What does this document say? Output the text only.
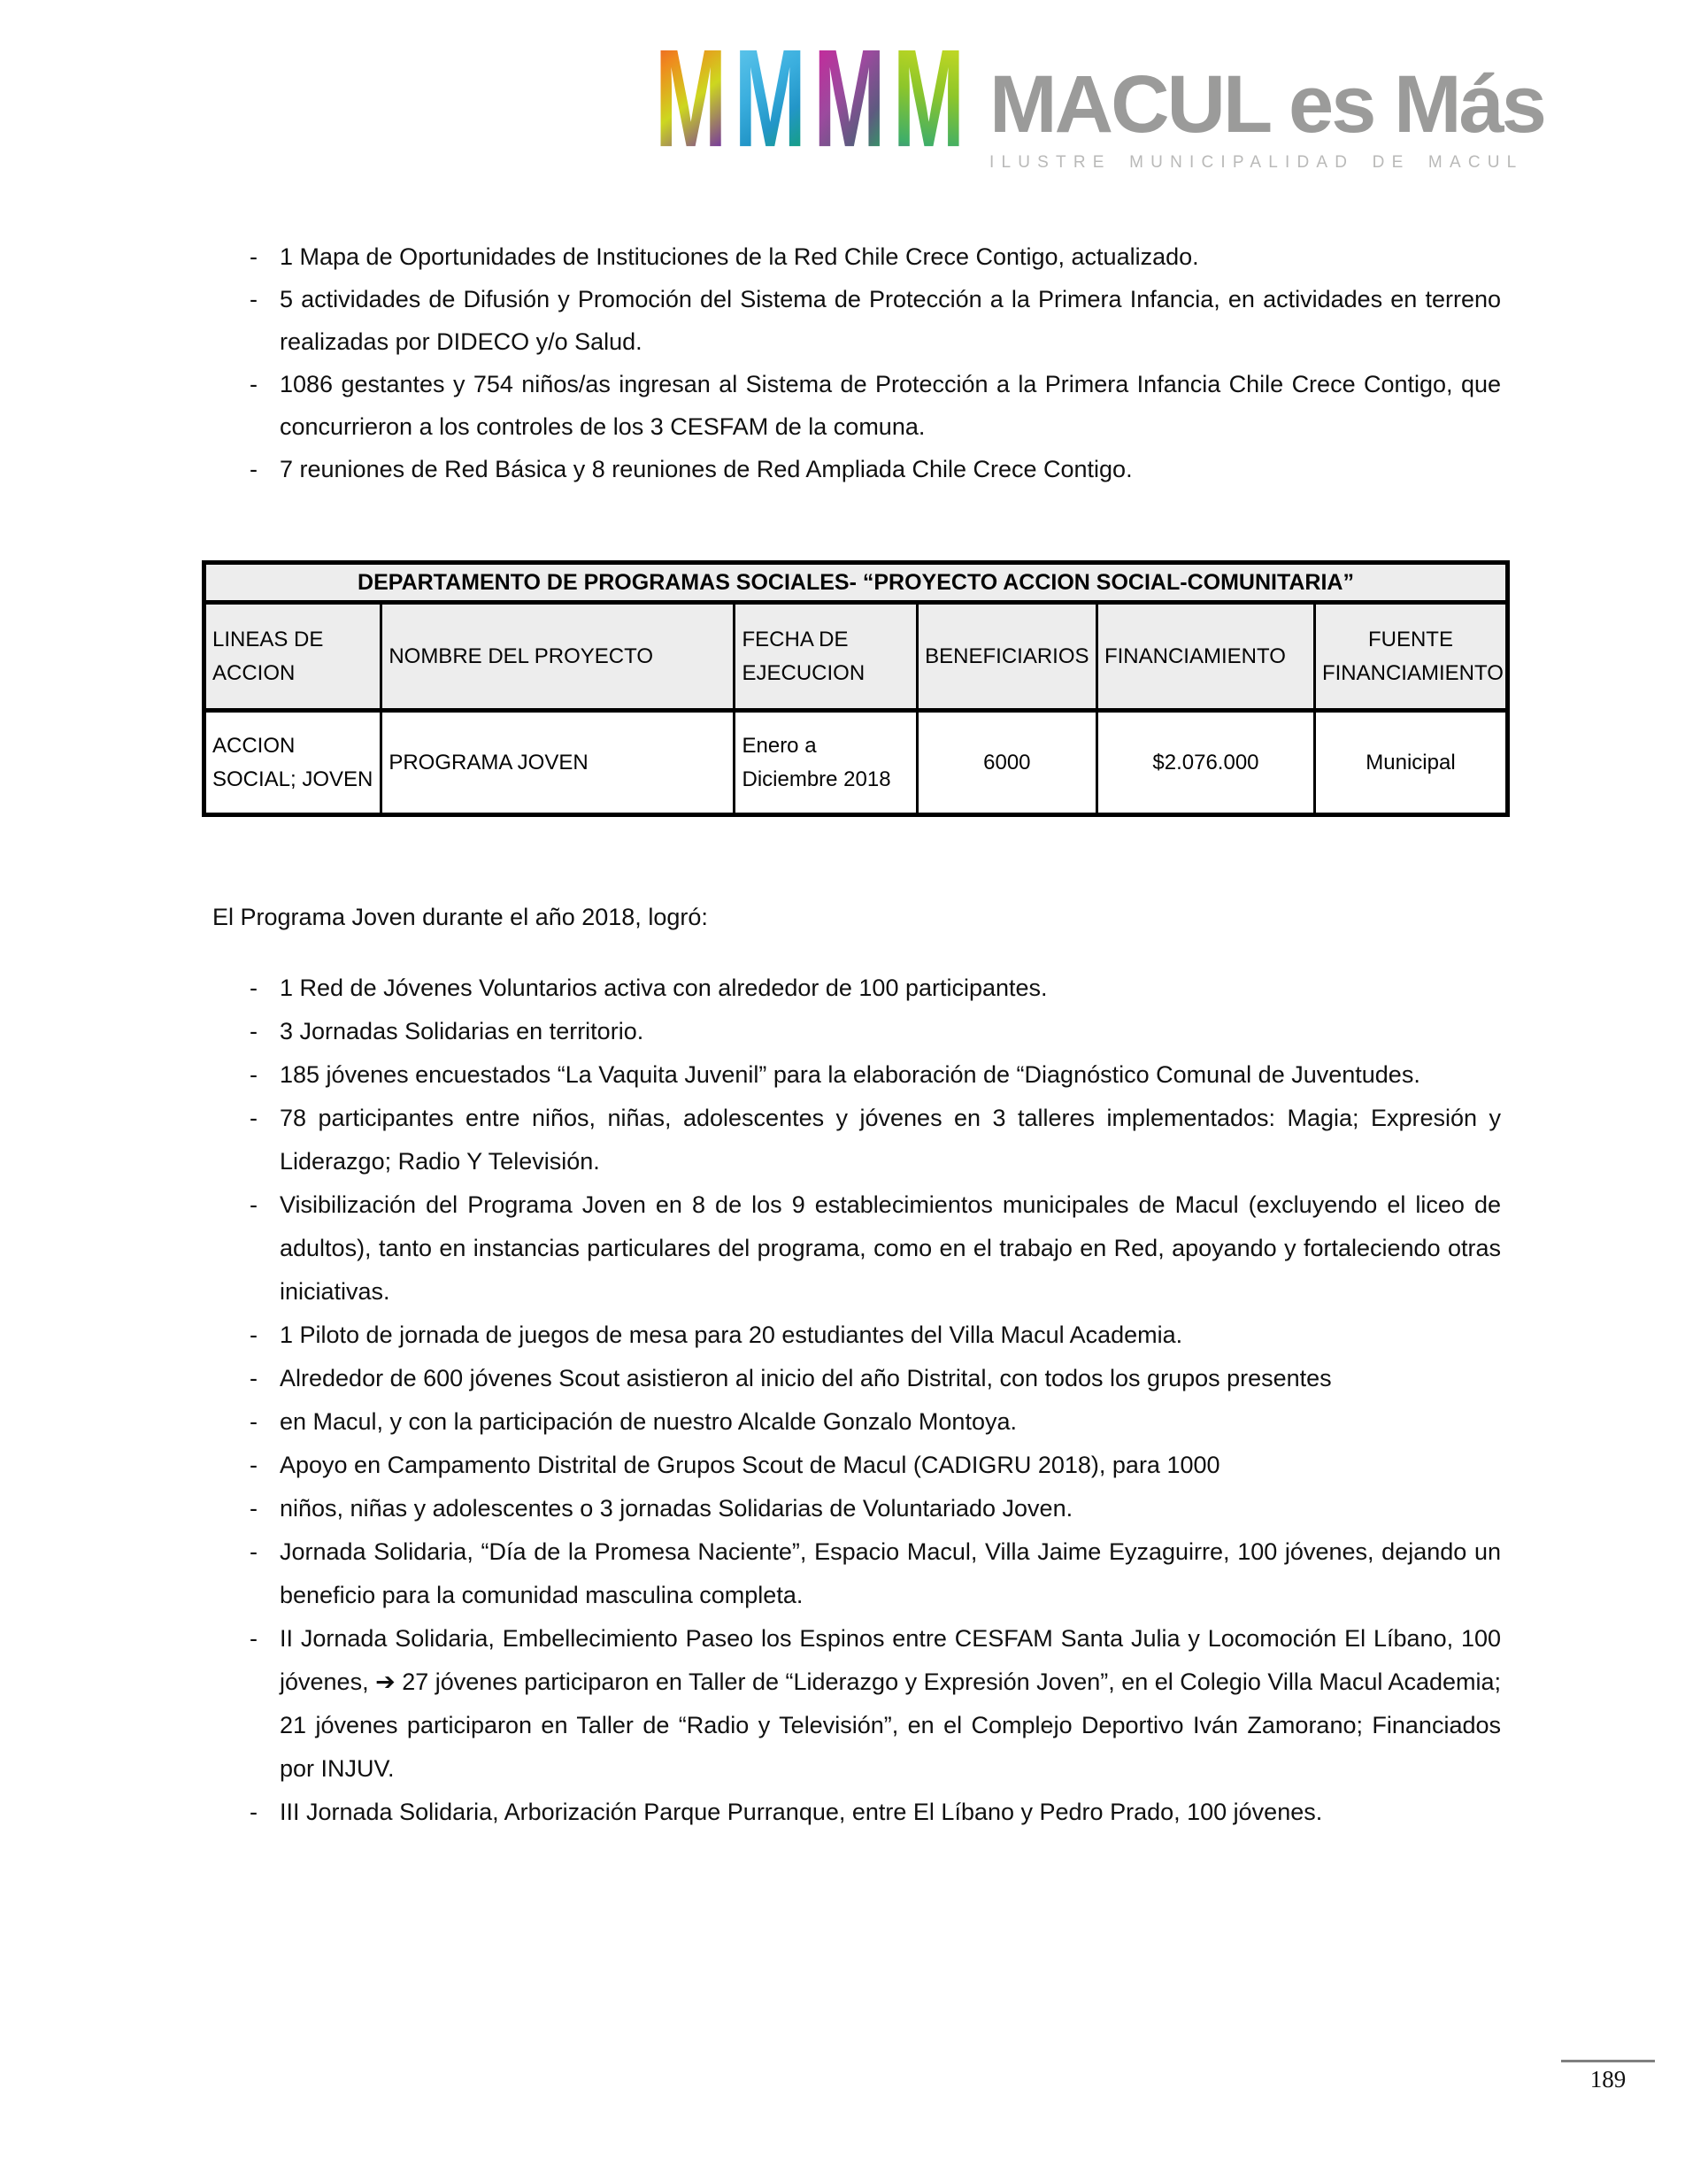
M M M M MACUL es Más
ILUSTRE MUNICIPALIDAD DE MACUL
- 1 Mapa de Oportunidades de Instituciones de la Red Chile Crece Contigo, actualizado.
- 5 actividades de Difusión y Promoción del Sistema de Protección a la Primera Infancia, en actividades en terreno realizadas por DIDECO y/o Salud.
- 1086 gestantes y 754 niños/as ingresan al Sistema de Protección a la Primera Infancia Chile Crece Contigo, que concurrieron a los controles de los 3 CESFAM de la comuna.
- 7 reuniones de Red Básica y 8 reuniones de Red Ampliada Chile Crece Contigo.
DEPARTAMENTO DE PROGRAMAS SOCIALES- “PROYECTO ACCION SOCIAL-COMUNITARIA”					
LINEAS DE ACCION	NOMBRE DEL PROYECTO	FECHA DE EJECUCION	BENEFICIARIOS	FINANCIAMIENTO	FUENTE FINANCIAMIENTO
ACCION SOCIAL; JOVEN	PROGRAMA JOVEN	Enero a Diciembre 2018	6000	$2.076.000	Municipal
El Programa Joven durante el año 2018, logró:
- 1 Red de Jóvenes Voluntarios activa con alrededor de 100 participantes.
- 3 Jornadas Solidarias en territorio.
- 185 jóvenes encuestados “La Vaquita Juvenil” para la elaboración de “Diagnóstico Comunal de Juventudes.
- 78 participantes entre niños, niñas, adolescentes y jóvenes en 3 talleres implementados: Magia; Expresión y Liderazgo; Radio Y Televisión.
- Visibilización del Programa Joven en 8 de los 9 establecimientos municipales de Macul (excluyendo el liceo de adultos), tanto en instancias particulares del programa, como en el trabajo en Red, apoyando y fortaleciendo otras iniciativas.
- 1 Piloto de jornada de juegos de mesa para 20 estudiantes del Villa Macul Academia.
- Alrededor de 600 jóvenes Scout asistieron al inicio del año Distrital, con todos los grupos presentes
- en Macul, y con la participación de nuestro Alcalde Gonzalo Montoya.
- Apoyo en Campamento Distrital de Grupos Scout de Macul (CADIGRU 2018), para 1000
- niños, niñas y adolescentes o 3 jornadas Solidarias de Voluntariado Joven.
- Jornada Solidaria, “Día de la Promesa Naciente”, Espacio Macul, Villa Jaime Eyzaguirre, 100 jóvenes, dejando un beneficio para la comunidad masculina completa.
- II Jornada Solidaria, Embellecimiento Paseo los Espinos entre CESFAM Santa Julia y Locomoción El Líbano, 100 jóvenes, ➔ 27 jóvenes participaron en Taller de “Liderazgo y Expresión Joven”, en el Colegio Villa Macul Academia; 21 jóvenes participaron en Taller de “Radio y Televisión”, en el Complejo Deportivo Iván Zamorano; Financiados por INJUV.
- III Jornada Solidaria, Arborización Parque Purranque, entre El Líbano y Pedro Prado, 100 jóvenes.
189
